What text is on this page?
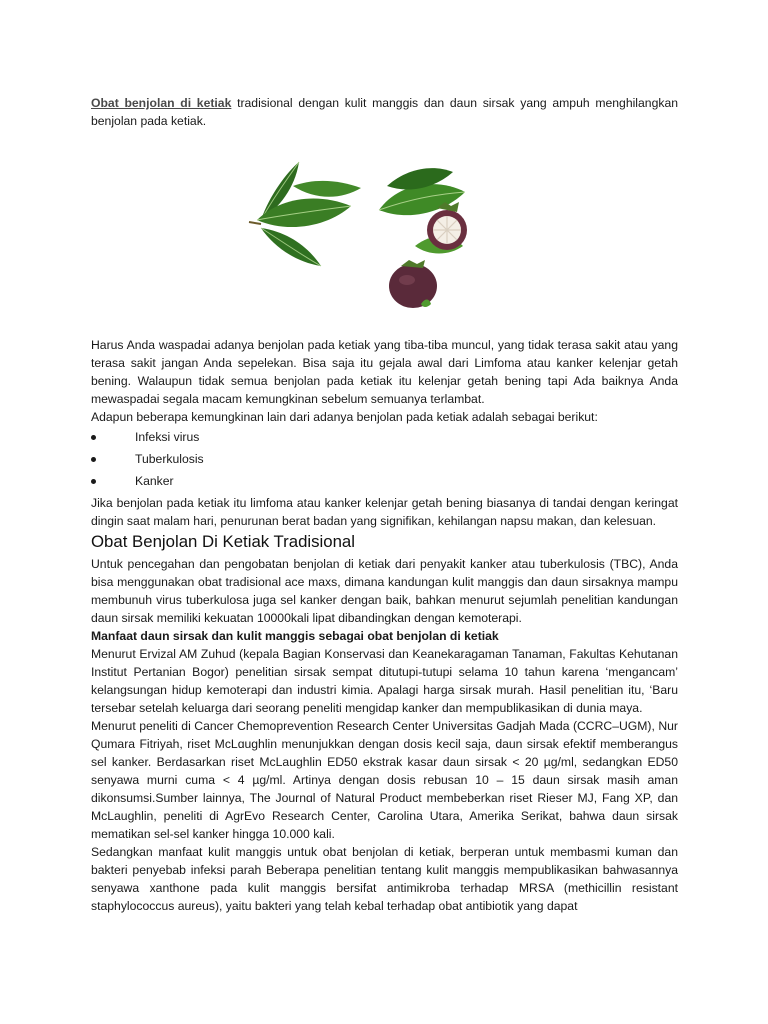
Obat benjolan di ketiak tradisional dengan kulit manggis dan daun sirsak yang ampuh menghilangkan benjolan pada ketiak.

Harus Anda waspadai adanya benjolan pada ketiak yang tiba-tiba muncul, yang tidak terasa sakit atau yang terasa sakit jangan Anda sepelekan. Bisa saja itu gejala awal dari Limfoma atau kanker kelenjar getah bening. Walaupun tidak semua benjolan pada ketiak itu kelenjar getah bening tapi Ada baiknya Anda mewaspadai segala macam kemungkinan sebelum semuanya terlambat.

Adapun beberapa kemungkinan lain dari adanya benjolan pada ketiak adalah sebagai berikut:

Infeksi virus
Tuberkulosis
Kanker

Jika benjolan pada ketiak itu limfoma atau kanker kelenjar getah bening biasanya di tandai dengan keringat dingin saat malam hari, penurunan berat badan yang signifikan, kehilangan napsu makan, dan kelesuan.

Obat Benjolan Di Ketiak Tradisional

Untuk pencegahan dan pengobatan benjolan di ketiak dari penyakit kanker atau tuberkulosis (TBC), Anda bisa menggunakan obat tradisional ace maxs, dimana kandungan kulit manggis dan daun sirsaknya mampu membunuh virus tuberkulosa juga sel kanker dengan baik, bahkan menurut sejumlah penelitian kandungan daun sirsak memiliki kekuatan 10000kali lipat dibandingkan dengan kemoterapi.

Manfaat daun sirsak dan kulit manggis sebagai obat benjolan di ketiak

Menurut Ervizal AM Zuhud (kepala Bagian Konservasi dan Keanekaragaman Tanaman, Fakultas Kehutanan Institut Pertanian Bogor) penelitian sirsak sempat ditutupi-tutupi selama 10 tahun karena ‘mengancam’ kelangsungan hidup kemoterapi dan industri kimia. Apalagi harga sirsak murah. Hasil penelitian itu, ‘Baru tersebar setelah keluarga dari seorang peneliti mengidap kanker dan mempublikasikan di dunia maya.

Menurut peneliti di Cancer Chemoprevention Research Center Universitas Gadjah Mada (CCRC–UGM), Nur Qumara Fitriyah, riset McLɑughlin menunjukkan dengan dosis kecil saja, daun sirsak efektif memberangus sel kanker. Berdasarkan riset McLaughlin ED50 ekstrak kasar daun sirsak < 20 µg/ml, sedangkan ED50 senyawa murni cuma < 4 µg/ml. Artinya dengan dosis rebusan 10 – 15 daun sirsak masih aman dikonsumsi.Sumber lainnya, The Journɑl of Natural Product membeberkan riset Rieser MJ, Fang XP, dan McLaughlin, peneliti di AgrEvo Research Center, Carolina Utara, Amerika Serikat, bahwa daun sirsak mematikan sel-sel kanker hingga 10.000 kali.

Sedangkan manfaat kulit manggis untuk obat benjolan di ketiak, berperan untuk membasmi kuman dan bakteri penyebab infeksi parah Beberapa penelitian tentang kulit manggis mempublikasikan bahwasannya senyawa xanthone pada kulit manggis bersifat antimikroba terhadap MRSA (methicillin resistant staphylococcus aureus), yaitu bakteri yang telah kebal terhadap obat antibiotik yang dapat
